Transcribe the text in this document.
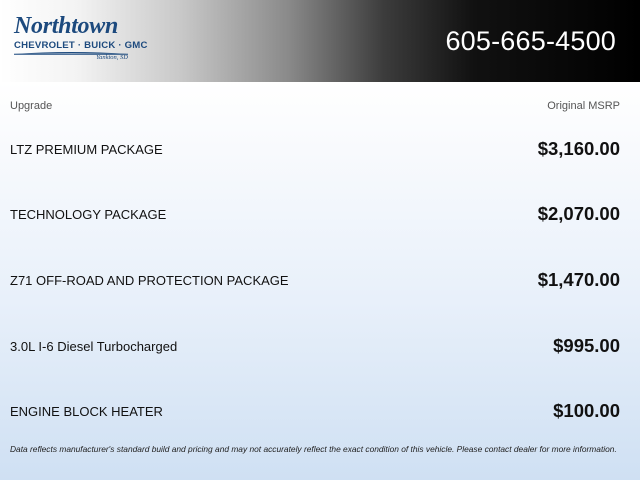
Northtown
CHEVROLET · BUICK · GMC
Yankton, SD
605-665-4500
Upgrade	Original MSRP
LTZ PREMIUM PACKAGE	$3,160.00
TECHNOLOGY PACKAGE	$2,070.00
Z71 OFF-ROAD AND PROTECTION PACKAGE	$1,470.00
3.0L I-6 Diesel Turbocharged	$995.00
ENGINE BLOCK HEATER	$100.00
Data reflects manufacturer's standard build and pricing and may not accurately reflect the exact condition of this vehicle. Please contact dealer for more information.
